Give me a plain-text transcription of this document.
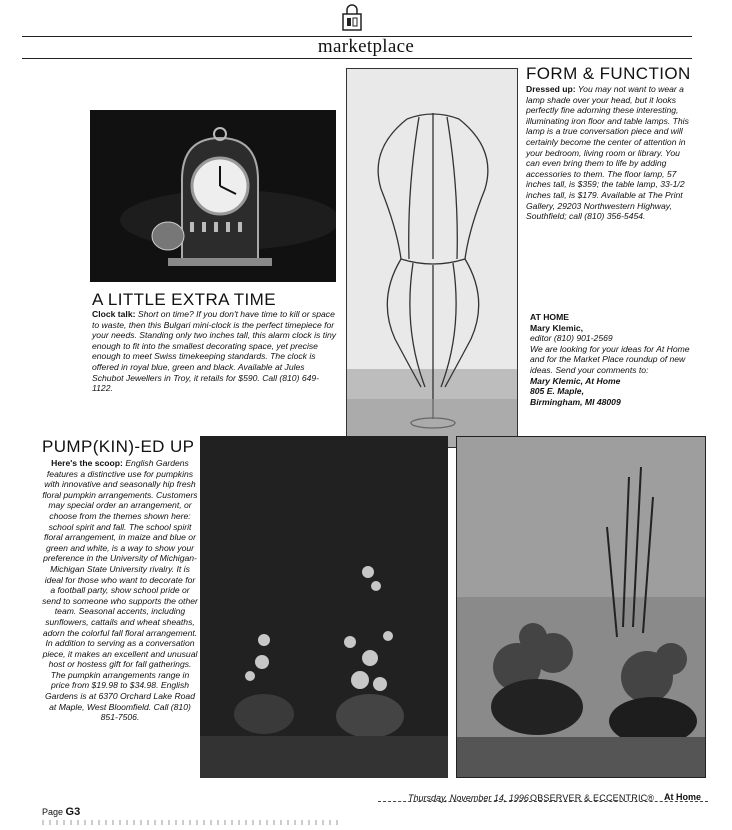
marketplace
FORM & FUNCTION
Dressed up: You may not want to wear a lamp shade over your head, but it looks perfectly fine adorning these interesting, illuminating iron floor and table lamps. This lamp is a true conversation piece and will certainly become the center of attention in your bedroom, living room or library. You can even bring them to life by adding accessories to them. The floor lamp, 57 inches tall, is $359; the table lamp, 33-1/2 inches tall, is $179. Available at The Print Gallery, 29203 Northwestern Highway, Southfield; call (810) 356-5454.
A LITTLE EXTRA TIME
Clock talk: Short on time? If you don't have time to kill or space to waste, then this Bulgari mini-clock is the perfect timepiece for your needs. Standing only two inches tall, this alarm clock is tiny enough to fit into the smallest decorating space, yet precise enough to meet Swiss timekeeping standards. The clock is offered in royal blue, green and black. Available at Jules Schubot Jewellers in Troy, it retails for $590. Call (810) 649-1122.
AT HOME
Mary Klemic,
editor (810) 901-2569
We are looking for your ideas for At Home and for the Market Place roundup of new ideas. Send your comments to:
Mary Klemic, At Home
805 E. Maple,
Birmingham, MI 48009
PUMP(KIN)-ED UP
Here's the scoop: English Gardens features a distinctive use for pumpkins with innovative and seasonally hip fresh floral pumpkin arrangements. Customers may special order an arrangement, or choose from the themes shown here: school spirit and fall. The school spirit floral arrangement, in maize and blue or green and white, is a way to show your preference in the University of Michigan-Michigan State University rivalry. It is ideal for those who want to decorate for a football party, show school pride or send to someone who supports the other team. Seasonal accents, including sunflowers, cattails and wheat sheaths, adorn the colorful fall floral arrangement. In addition to serving as a conversation piece, it makes an excellent and unusual host or hostess gift for fall gatherings. The pumpkin arrangements range in price from $19.98 to $34.98. English Gardens is at 6370 Orchard Lake Road at Maple, West Bloomfield. Call (810) 851-7506.
Page G3
Thursday, November 14, 1996 OBSERVER & ECCENTRIC® At Home
